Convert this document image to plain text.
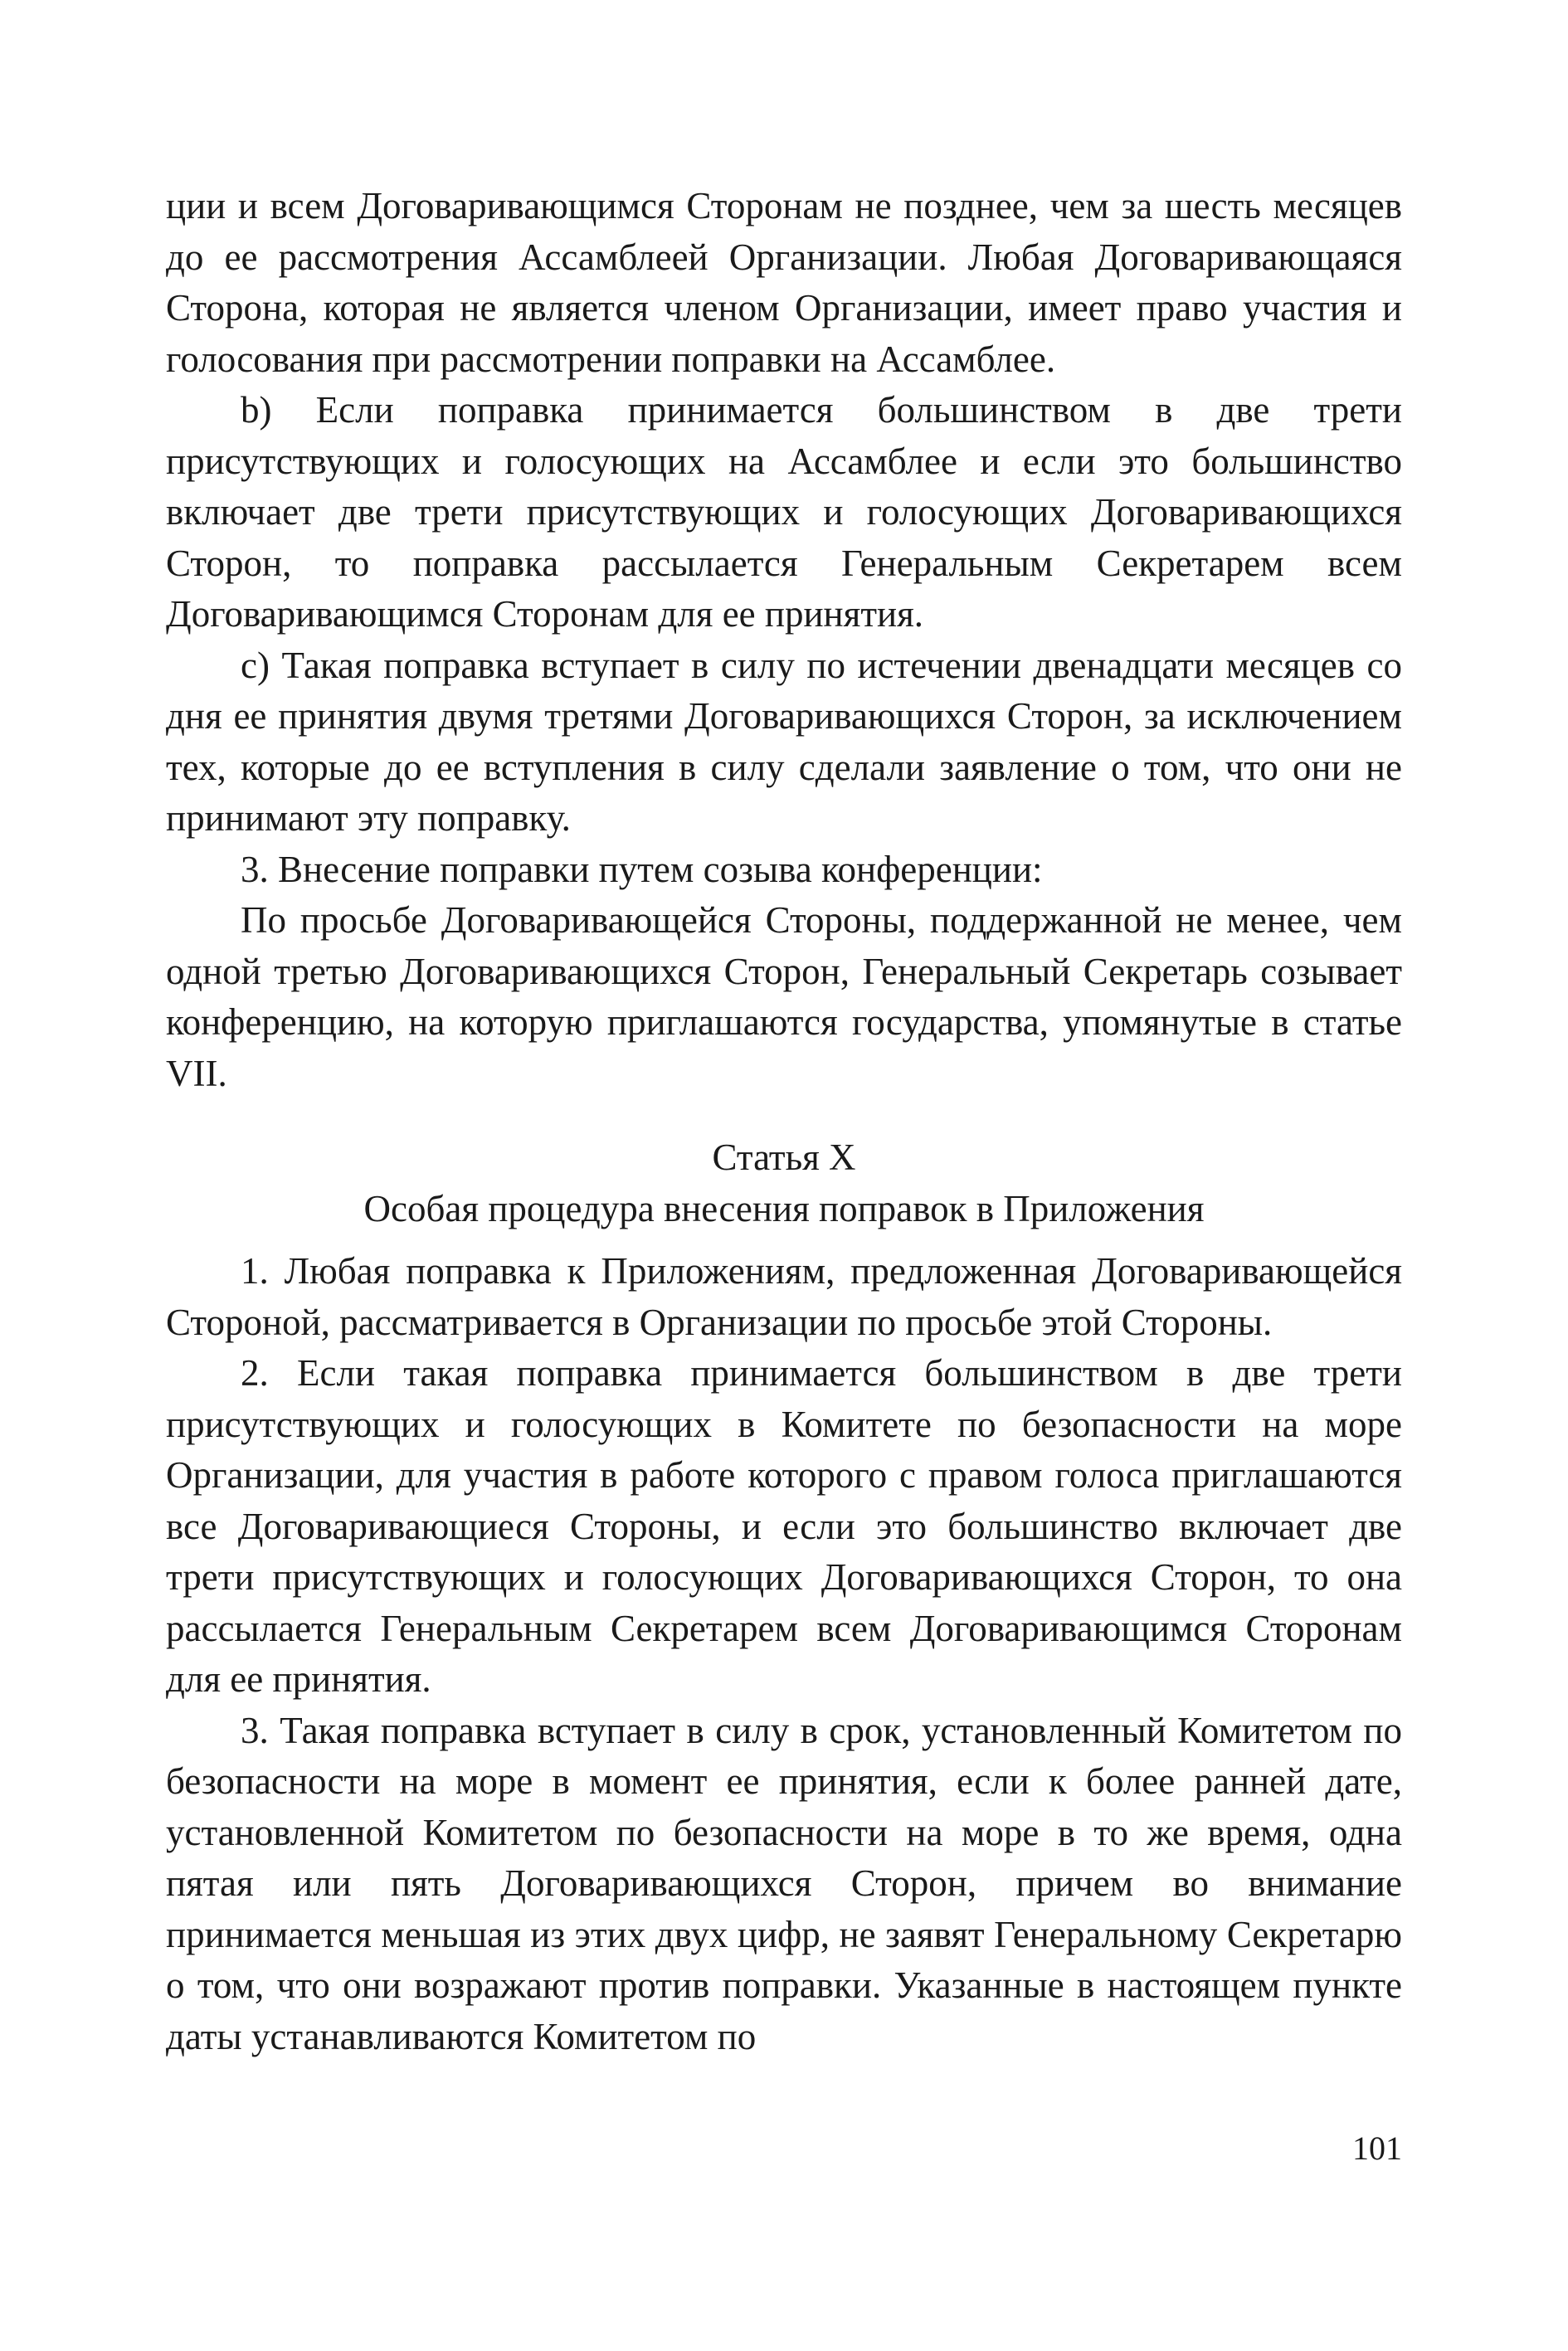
ции и всем Договаривающимся Сторонам не позднее, чем за шесть месяцев до ее рассмотрения Ассамблеей Организации. Любая Договаривающаяся Сторона, которая не является членом Организации, имеет право участия и голосования при рассмотрении поправки на Ассамблее.

b) Если поправка принимается большинством в две трети присутствующих и голосующих на Ассамблее и если это большинство включает две трети присутствующих и голосующих Договаривающихся Сторон, то поправка рассылается Генеральным Секретарем всем Договаривающимся Сторонам для ее принятия.

c) Такая поправка вступает в силу по истечении двенадцати месяцев со дня ее принятия двумя третями Договаривающихся Сторон, за исключением тех, которые до ее вступления в силу сделали заявление о том, что они не принимают эту поправку.

3. Внесение поправки путем созыва конференции:

По просьбе Договаривающейся Стороны, поддержанной не менее, чем одной третью Договаривающихся Сторон, Генеральный Секретарь созывает конференцию, на которую приглашаются государства, упомянутые в статье VII.

Статья X

Особая процедура внесения поправок в Приложения

1. Любая поправка к Приложениям, предложенная Договаривающейся Стороной, рассматривается в Организации по просьбе этой Стороны.

2. Если такая поправка принимается большинством в две трети присутствующих и голосующих в Комитете по безопасности на море Организации, для участия в работе которого с правом голоса приглашаются все Договаривающиеся Стороны, и если это большинство включает две трети присутствующих и голосующих Договаривающихся Сторон, то она рассылается Генеральным Секретарем всем Договаривающимся Сторонам для ее принятия.

3. Такая поправка вступает в силу в срок, установленный Комитетом по безопасности на море в момент ее принятия, если к более ранней дате, установленной Комитетом по безопасности на море в то же время, одна пятая или пять Договаривающихся Сторон, причем во внимание принимается меньшая из этих двух цифр, не заявят Генеральному Секретарю о том, что они возражают против поправки. Указанные в настоящем пункте даты устанавливаются Комитетом по

101
